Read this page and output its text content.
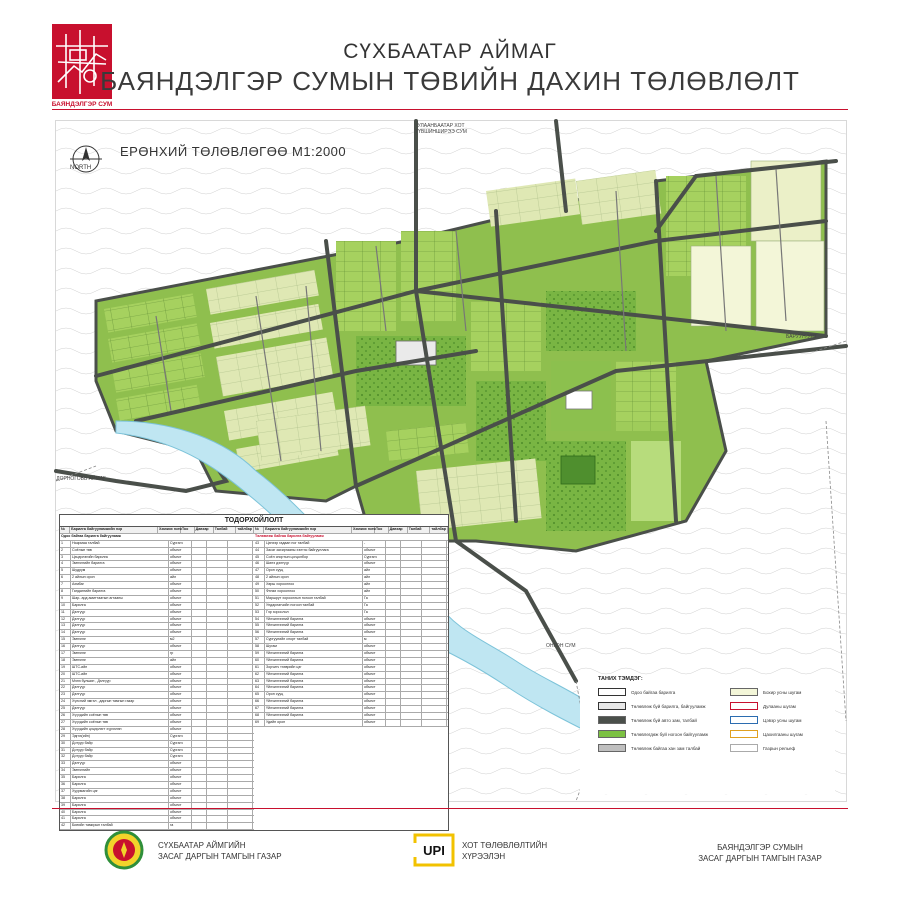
БАЯНДЭЛГЭР СУМ
СҮХБААТАР АЙМАГ
БАЯНДЭЛГЭР СУМЫН ТӨВИЙН ДАХИН ТӨЛӨВЛӨЛТ
NORTH
ЕРӨНХИЙ ТӨЛӨВЛӨГӨӨ М1:2000
УЛААНБААТАР ХОТ ТҮВШИНШИРЭЭ СУМ
БАРУУН-УРТ
ДОРНОГОВЬ АЙМАГ
ОНГОН СУМ
ТОДОРХОЙЛОЛТ
№	Барилга байгууламжийн нэр	Хэмжих нэгж Тоо	Давхар	Талбай	тайлбар
Одоо байгаа барилга байгууламж
1	Ньярмаа талбай	Сургагч
2	Соёлын төв	объект
3	Цэцэрлэгийн барилга	объект
4	Эмнэлгийн барилга	объект
5	Шудрум	объект
6	2 айлын орон	айл
7	Ахмбаг	объект
8	Гандангийн барилга	объект
9	Шар- ард амиттаатын агтааны	объект
10	Барилга	объект
11	Дэлгүүр	объект
12	Дэлгүүр	объект
13	Дэлгүүр	объект
14	Дэлгүүр	объект
15	Эмнэлэг	м2
16	Дэлгүүр	объект
17	Эмнэлэг	гр
18	Эмнэлэг	айл
19	ШТС-ийн	объект
20	ШТС-ийн	объект
21	Мэнэ булшин , Дэлгүүр	объект
22	Дэлгүүр	объект
23	Дэлгүүр	объект
24	Хүнсний эмгэл , даргын тамгын газар	объект
25	Дэлгүүр	объект
26	Хүүхдийн соёлын төв	объект
27	Хүүхдийн соёлын төв	объект
28	Хүүхдийн цэцэрлэгт хүрээлэн	объект
29	Эдгээ(ийн)	Сургагч
30	Дотуур байр	Сургагч
31	Дотуур байр	Сургагч
32	Дотуур байр	Сургагч
33	Дэлгүүр	объект
34	Эмнэлгийн	объект
35	Барилга	объект
36	Барилга	объект
37	Хуурмагийн цэг	объект
38	Барилга	объект
39	Барилга	объект
40	Барилга	объект
41	Барилга	объект
42	Биеийн тамирын талбай	га
№	Барилга байгууламжийн нэр	Хэмжих нэгж Тоо	Давхар	Талбай	тайлбар
Төлөвлөж байгаа барилга байгууламж
43	Цэнхэр гадаан ног талбай	-
44	Засаг захиргааны хэлтэс байгууллага	объект
45	Соёл спортын цогцолбор	Сургагч
46	Шинэ дэлгүүр	объект
47	Орон сууц	айл
48	2 айлын орон	айл
49	Хөрш хорооллоо	айл
50	Фэнзи хорооллоо	айл
51	Маршрут хорооллын ногоон талбай	Га
52	Ундарлагчийн ногоон талбай	Га
53	Гэр хороолол	Га
54	Үйлчилгээний барилга	объект
55	Үйлчилгээний барилга	объект
56	Үйлчилгээний барилга	объект
57	Сургуулийн спорт талбай	м
58	Шугам	объект
59	Үйлчилгээний барилга	объект
60	Үйлчилгээний барилга	объект
61	Зорчигч тээврийн цэг	объект
62	Үйлчилгээний барилга	объект
63	Үйлчилгээний барилга	объект
64	Үйлчилгээний барилга	объект
65	Орон сууц	объект
66	Үйлчилгээний барилга	объект
67	Үйлчилгээний барилга	объект
68	Үйлчилгээний барилга	объект
69	Удийн орон	объект
ТАНИХ ТЭМДЭГ:
Одоо байгаа барилга
Төлөвлөж буй барилга, байгууламж
Төлөвлөж буй авто зам, талбай
Төлөвлөгдөж буй ногоон байгууламж
Төлөвлөж байгаа хан зам талбай
Бохир усны шугам
Дулааны шугам
Цэвэр усны шугам
Цахилгааны шугам
Газрын рельеф
СҮХБААТАР АЙМГИЙН
ЗАСАГ ДАРГЫН ТАМГЫН ГАЗАР	UPI ХОТ ТӨЛӨВЛӨЛТИЙН
ХҮРЭЭЛЭН
БАЯНДЭЛГЭР СУМЫН
ЗАСАГ ДАРГЫН ТАМГЫН ГАЗАР
